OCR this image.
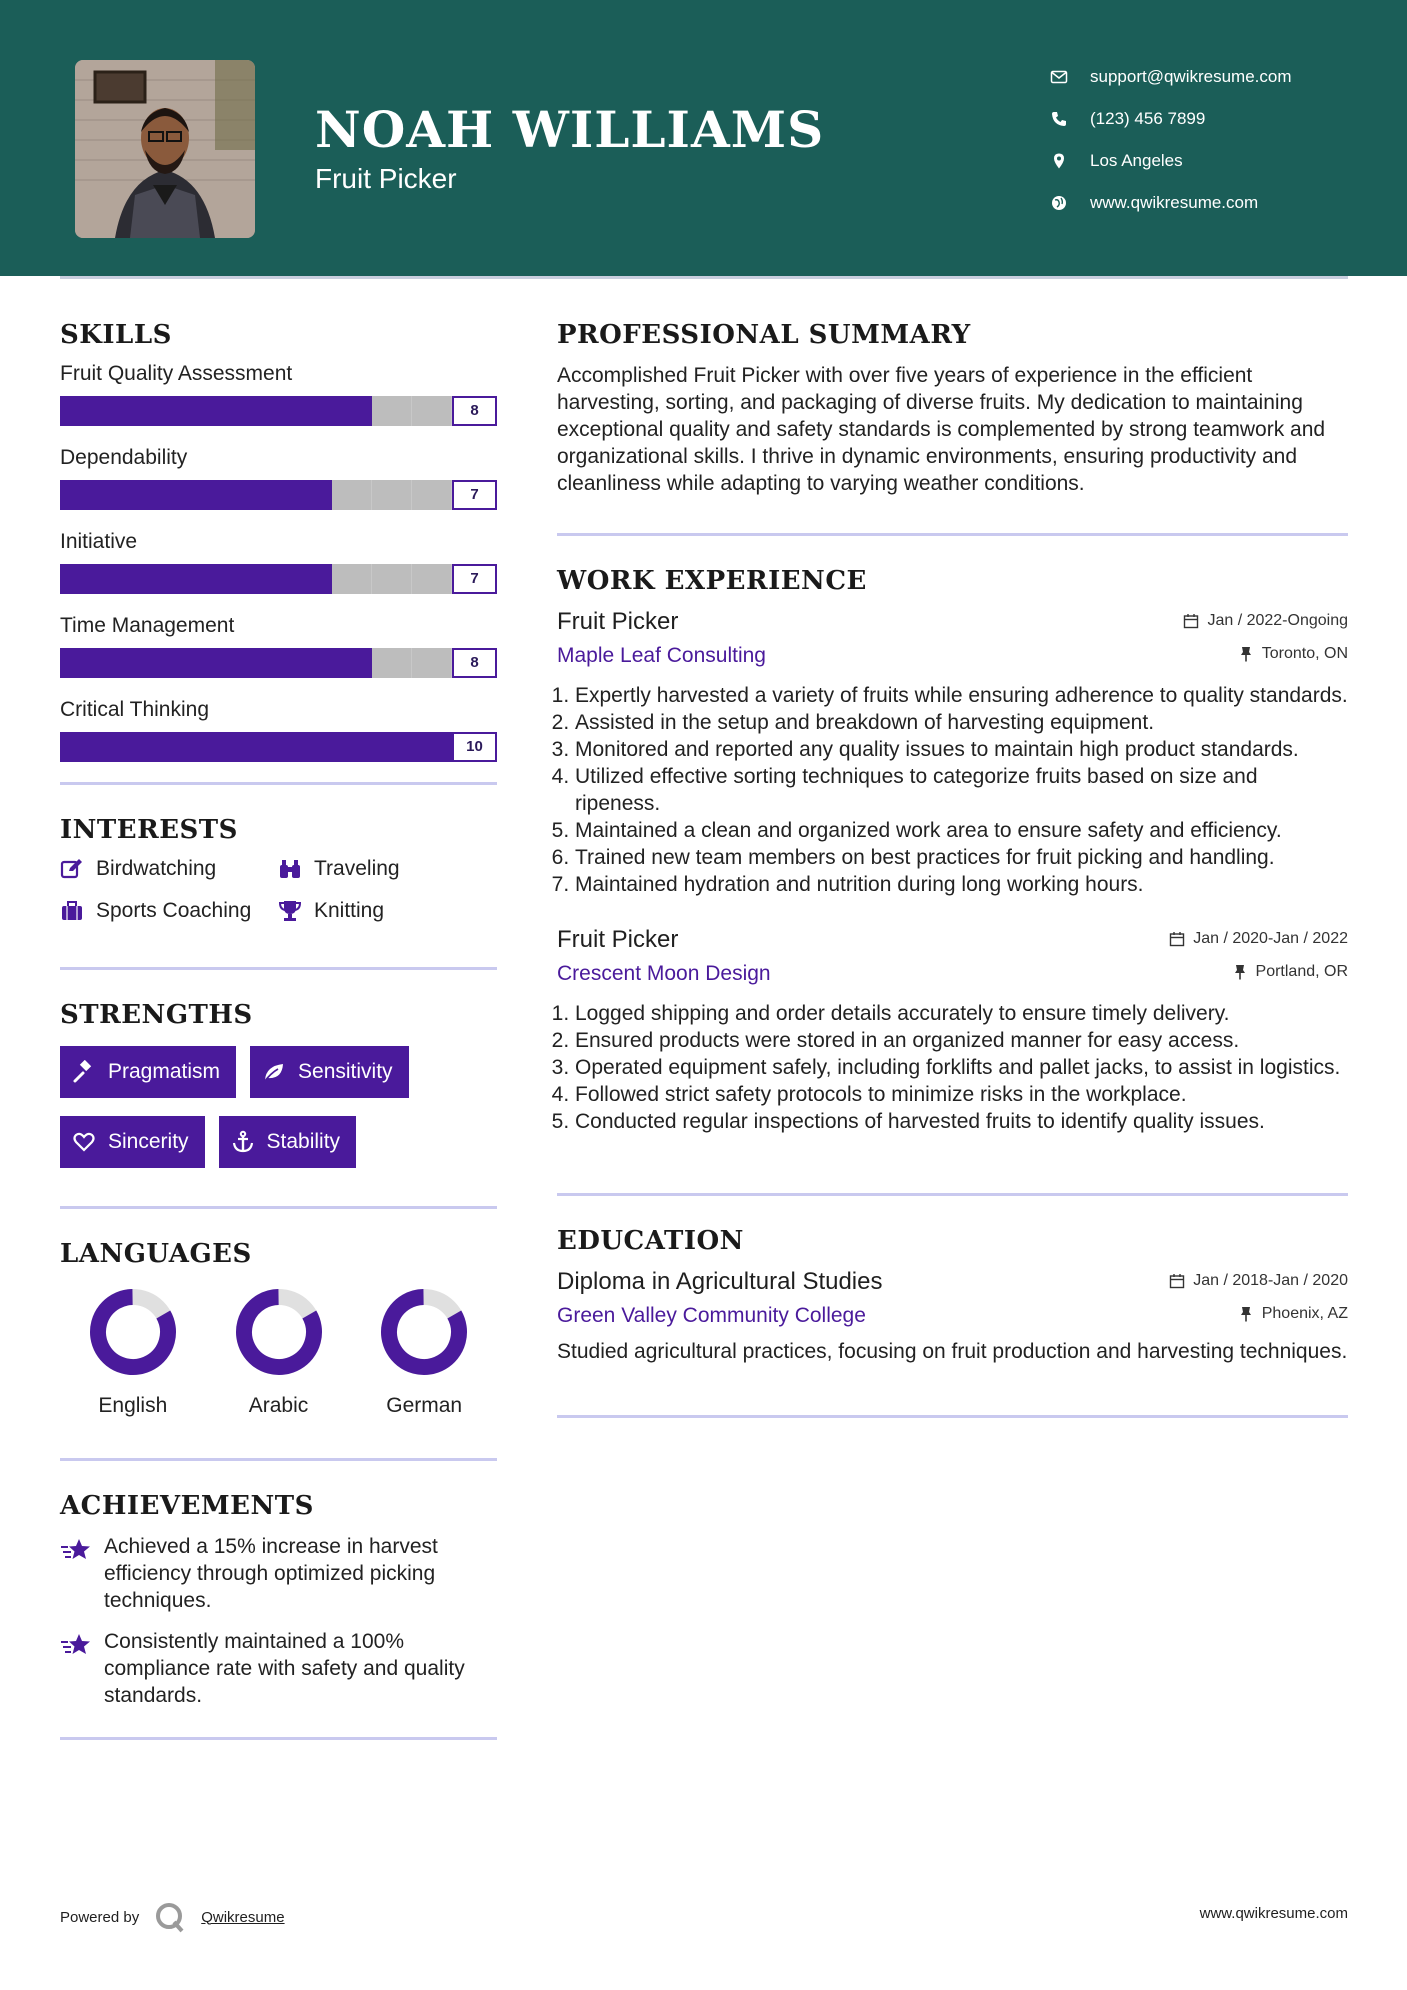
NOAH WILLIAMS
Fruit Picker
support@qwikresume.com
(123) 456 7899
Los Angeles
www.qwikresume.com
SKILLS
Fruit Quality Assessment
8
Dependability
7
Initiative
7
Time Management
8
Critical Thinking
10
INTERESTS
Birdwatching	Traveling
Sports Coaching	Knitting
STRENGTHS
Pragmatism	Sensitivity
Sincerity	Stability
LANGUAGES
English	Arabic	German
ACHIEVEMENTS
Achieved a 15% increase in harvest efficiency through optimized picking techniques.
Consistently maintained a 100% compliance rate with safety and quality standards.
PROFESSIONAL SUMMARY
Accomplished Fruit Picker with over five years of experience in the efficient harvesting, sorting, and packaging of diverse fruits. My dedication to maintaining exceptional quality and safety standards is complemented by strong teamwork and organizational skills. I thrive in dynamic environments, ensuring productivity and cleanliness while adapting to varying weather conditions.
WORK EXPERIENCE
Fruit Picker	Jan / 2022-Ongoing
Maple Leaf Consulting	Toronto, ON
1. Expertly harvested a variety of fruits while ensuring adherence to quality standards.
2. Assisted in the setup and breakdown of harvesting equipment.
3. Monitored and reported any quality issues to maintain high product standards.
4. Utilized effective sorting techniques to categorize fruits based on size and ripeness.
5. Maintained a clean and organized work area to ensure safety and efficiency.
6. Trained new team members on best practices for fruit picking and handling.
7. Maintained hydration and nutrition during long working hours.
Fruit Picker	Jan / 2020-Jan / 2022
Crescent Moon Design	Portland, OR
1. Logged shipping and order details accurately to ensure timely delivery.
2. Ensured products were stored in an organized manner for easy access.
3. Operated equipment safely, including forklifts and pallet jacks, to assist in logistics.
4. Followed strict safety protocols to minimize risks in the workplace.
5. Conducted regular inspections of harvested fruits to identify quality issues.
EDUCATION
Diploma in Agricultural Studies	Jan / 2018-Jan / 2020
Green Valley Community College	Phoenix, AZ
Studied agricultural practices, focusing on fruit production and harvesting techniques.
Powered by	Qwikresume	www.qwikresume.com
